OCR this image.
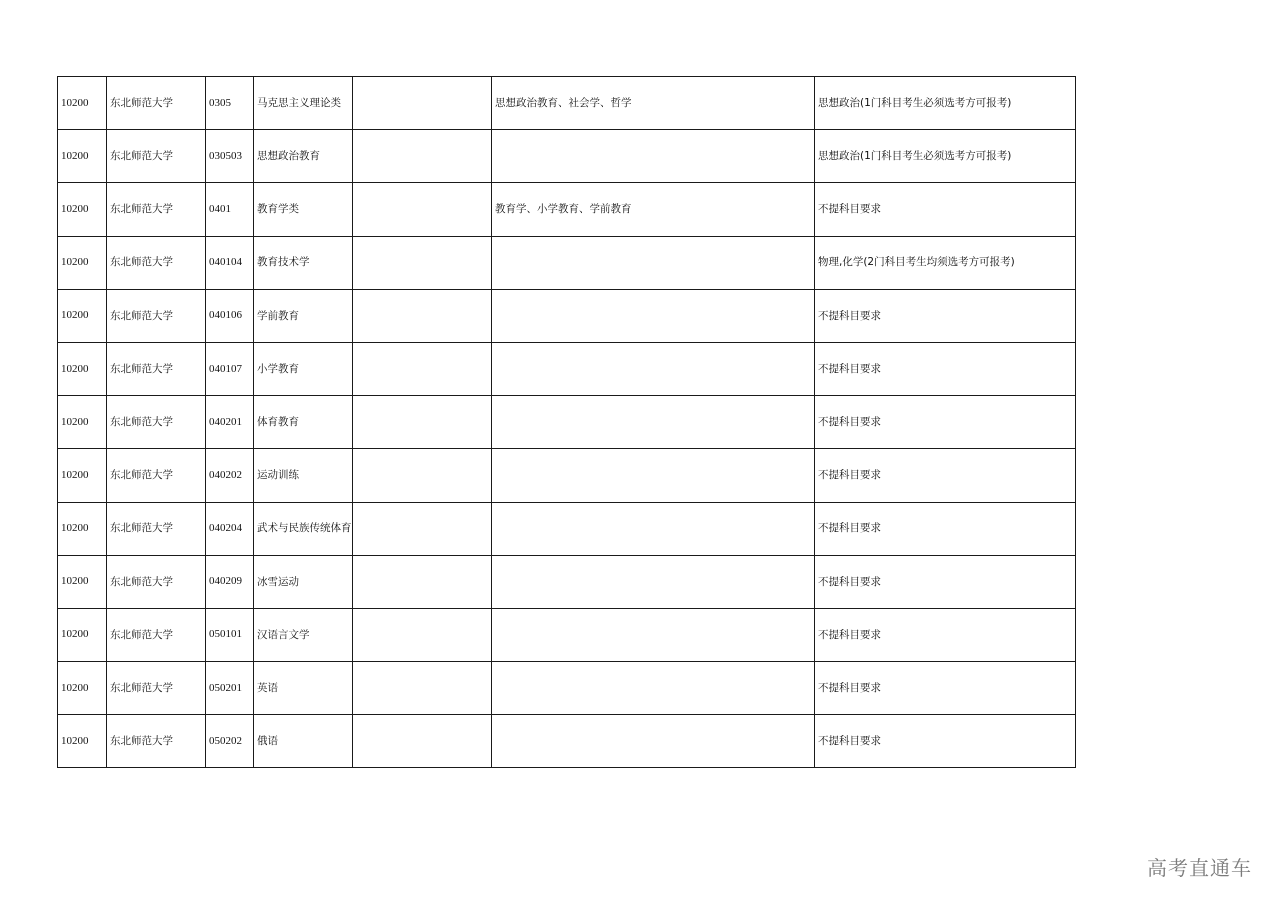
10200	东北师范大学	0305	马克思主义理论类		思想政治教育、社会学、哲学	思想政治(1门科目考生必须选考方可报考)
10200	东北师范大学	030503	思想政治教育			思想政治(1门科目考生必须选考方可报考)
10200	东北师范大学	0401	教育学类		教育学、小学教育、学前教育	不提科目要求
10200	东北师范大学	040104	教育技术学			物理,化学(2门科目考生均须选考方可报考)
10200	东北师范大学	040106	学前教育			不提科目要求
10200	东北师范大学	040107	小学教育			不提科目要求
10200	东北师范大学	040201	体育教育			不提科目要求
10200	东北师范大学	040202	运动训练			不提科目要求
10200	东北师范大学	040204	武术与民族传统体育			不提科目要求
10200	东北师范大学	040209	冰雪运动			不提科目要求
10200	东北师范大学	050101	汉语言文学			不提科目要求
10200	东北师范大学	050201	英语			不提科目要求
10200	东北师范大学	050202	俄语			不提科目要求
高考直通车
